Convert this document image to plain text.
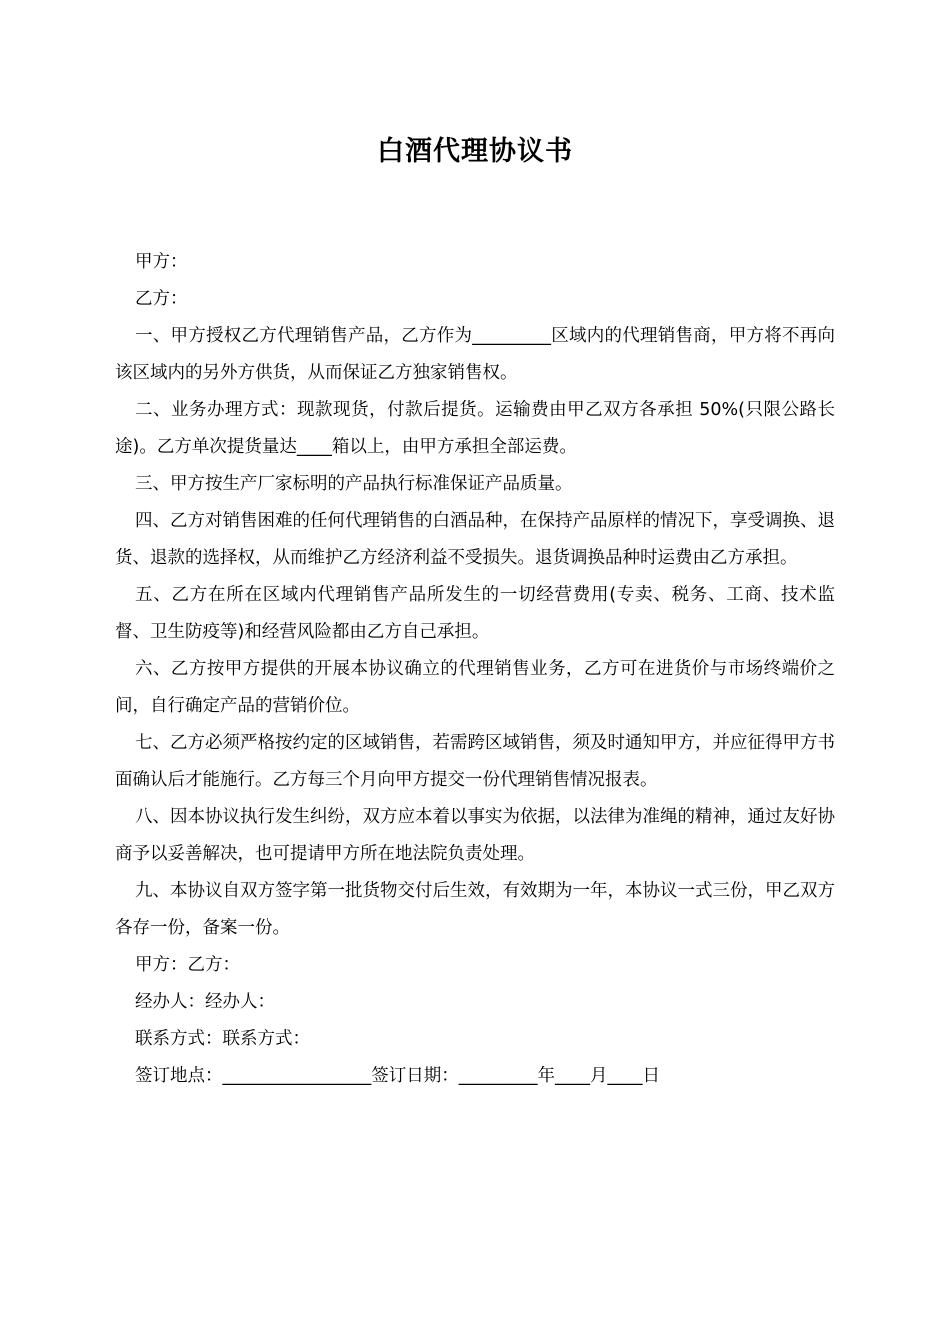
白酒代理协议书

甲方：

乙方：

一、甲方授权乙方代理销售产品，乙方作为_________区域内的代理销售商，甲方将不再向该区域内的另外方供货，从而保证乙方独家销售权。

二、业务办理方式：现款现货，付款后提货。运输费由甲乙双方各承担 50%(只限公路长途)。乙方单次提货量达____箱以上，由甲方承担全部运费。

三、甲方按生产厂家标明的产品执行标准保证产品质量。

四、乙方对销售困难的任何代理销售的白酒品种，在保持产品原样的情况下，享受调换、退货、退款的选择权，从而维护乙方经济利益不受损失。退货调换品种时运费由乙方承担。

五、乙方在所在区域内代理销售产品所发生的一切经营费用(专卖、税务、工商、技术监督、卫生防疫等)和经营风险都由乙方自己承担。

六、乙方按甲方提供的开展本协议确立的代理销售业务，乙方可在进货价与市场终端价之间，自行确定产品的营销价位。

七、乙方必须严格按约定的区域销售，若需跨区域销售，须及时通知甲方，并应征得甲方书面确认后才能施行。乙方每三个月向甲方提交一份代理销售情况报表。

八、因本协议执行发生纠纷，双方应本着以事实为依据，以法律为准绳的精神，通过友好协商予以妥善解决，也可提请甲方所在地法院负责处理。

九、本协议自双方签字第一批货物交付后生效，有效期为一年，本协议一式三份，甲乙双方各存一份，备案一份。

甲方：乙方：

经办人：经办人：

联系方式：联系方式：

签订地点：_________________签订日期：_________年____月____日
